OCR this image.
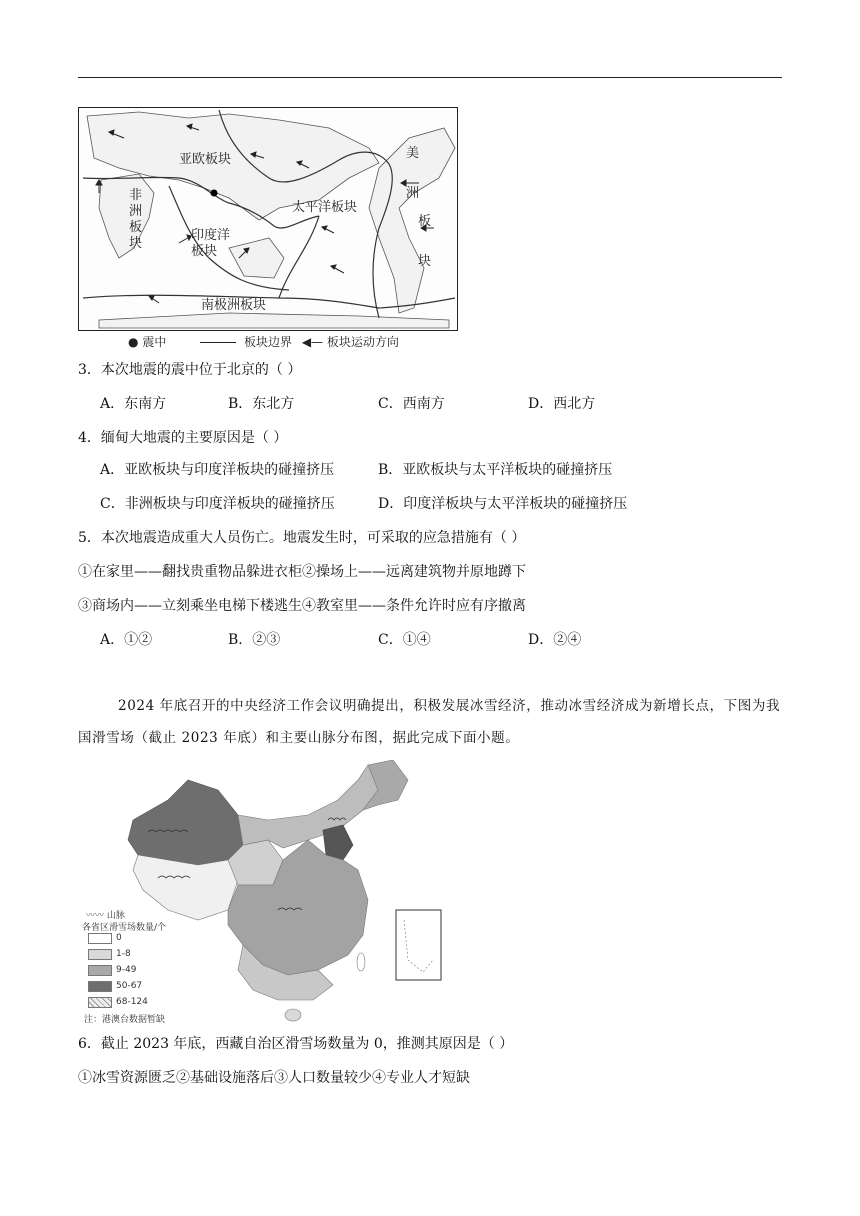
亚欧板块
非洲板块
印度洋板块
太平洋板块
美

洲
板

块
南极洲板块
● 震中	板块边界 ◀— 板块运动方向
3．本次地震的震中位于北京的（ ）
A．东南方	B．东北方	C．西南方	D．西北方
4．缅甸大地震的主要原因是（ ）
A．亚欧板块与印度洋板块的碰撞挤压	B．亚欧板块与太平洋板块的碰撞挤压
C．非洲板块与印度洋板块的碰撞挤压	D．印度洋板块与太平洋板块的碰撞挤压
5．本次地震造成重大人员伤亡。地震发生时，可采取的应急措施有（ ）
①在家里——翻找贵重物品躲进衣柜②操场上——远离建筑物并原地蹲下
③商场内——立刻乘坐电梯下楼逃生④教室里——条件允许时应有序撤离
A．①②	B．②③	C．①④	D．②④
2024 年底召开的中央经济工作会议明确提出，积极发展冰雪经济，推动冰雪经济成为新增长点，下图为我国滑雪场（截止 2023 年底）和主要山脉分布图，据此完成下面小题。
〰〰 山脉
各省区滑雪场数量/个
0
1-8
9-49
50-67
68-124
注：港澳台数据暂缺
6．截止 2023 年底，西藏自治区滑雪场数量为 0，推测其原因是（ ）
①冰雪资源匮乏②基础设施落后③人口数量较少④专业人才短缺
